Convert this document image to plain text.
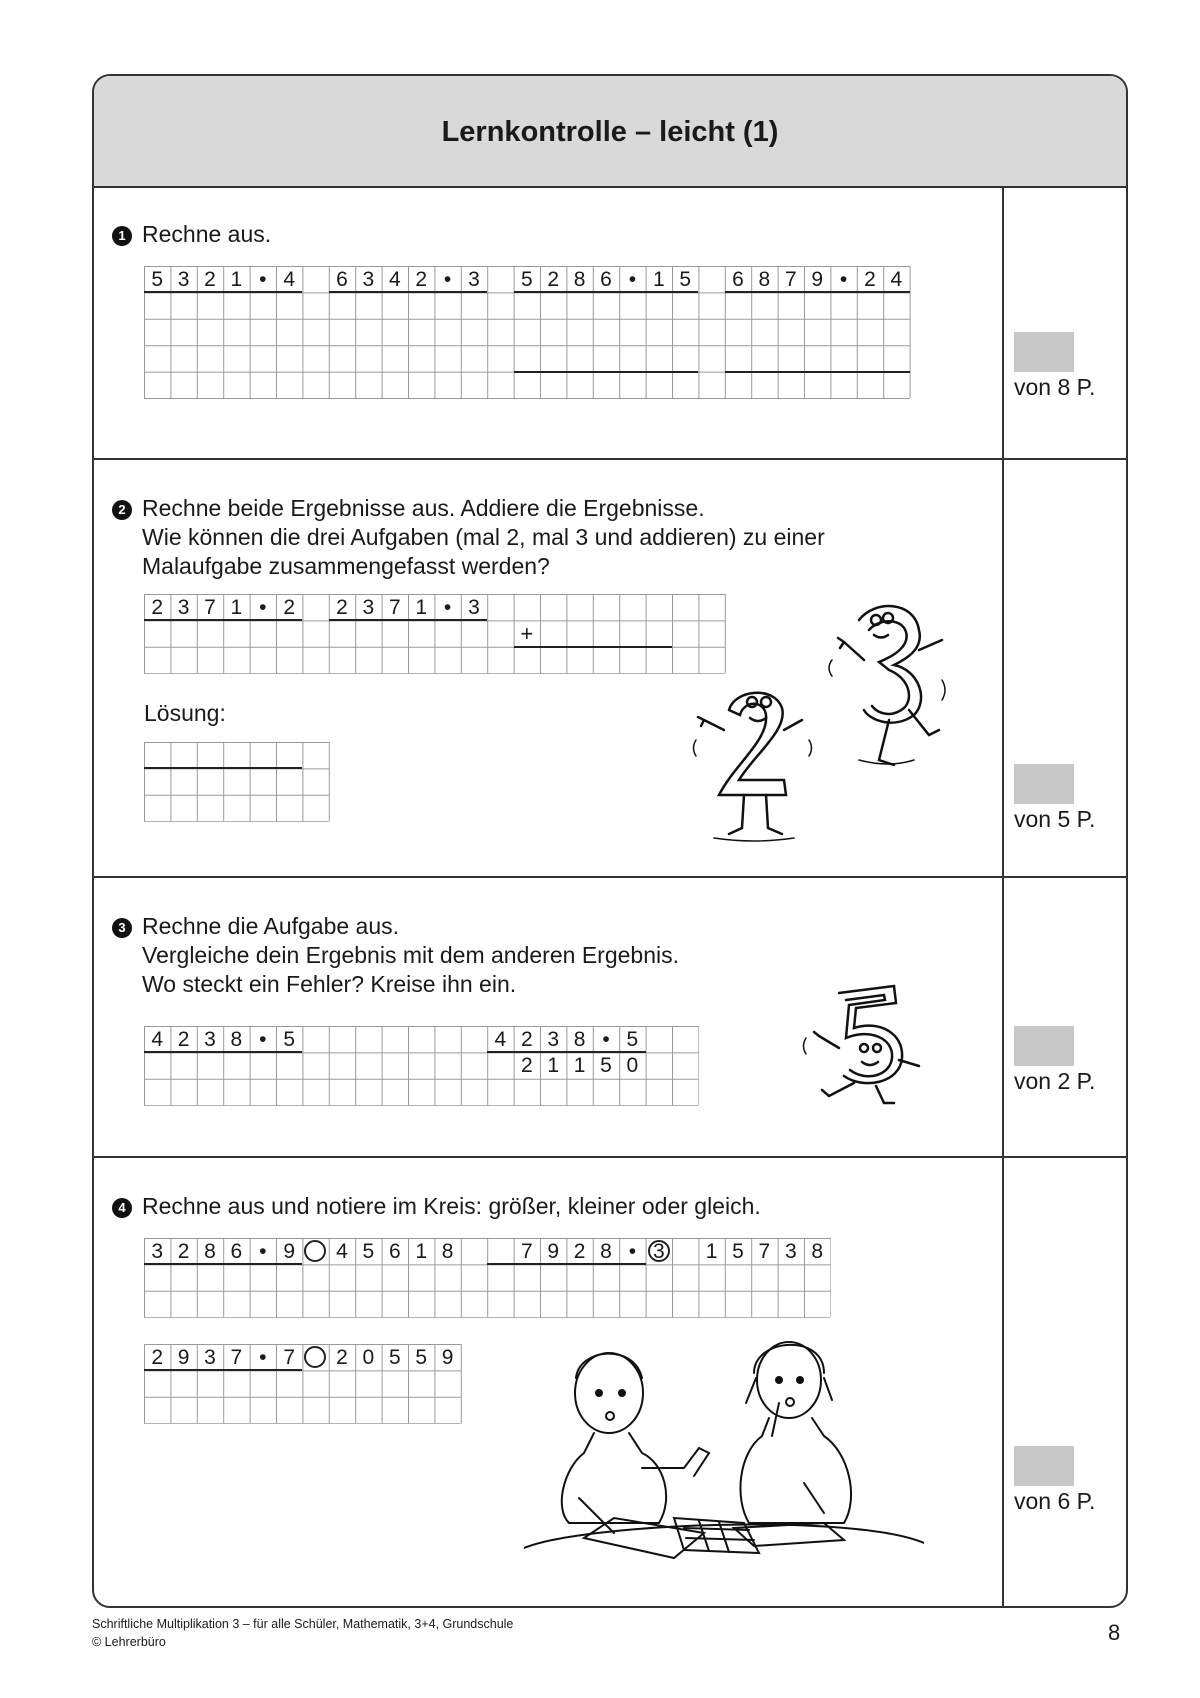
Lernkontrolle – leicht (1)
1 Rechne aus.
5 3 2 1 • 4	6 3 4 2 • 3	5 2 8 6 • 1 5	6 8 7 9 • 2 4
von 8 P.
2 Rechne beide Ergebnisse aus. Addiere die Ergebnisse.
Wie können die drei Aufgaben (mal 2, mal 3 und addieren) zu einer
Malaufgabe zusammengefasst werden?
2 3 7 1 • 2	2 3 7 1 • 3
+
Lösung:
von 5 P.
3 Rechne die Aufgabe aus.
Vergleiche dein Ergebnis mit dem anderen Ergebnis.
Wo steckt ein Fehler? Kreise ihn ein.
4 2 3 8 • 5	4 2 3 8 • 5
2 1 1 5 0
von 2 P.
4 Rechne aus und notiere im Kreis: größer, kleiner oder gleich.
3 2 8 6 • 9	4 5 6 1 8	7 9 2 8 • 3	1 5 7 3 8
2 9 3 7 • 7	2 0 5 5 9
von 6 P.
Schriftliche Multiplikation 3 – für alle Schüler, Mathematik, 3+4, Grundschule
© Lehrerbüro	8
